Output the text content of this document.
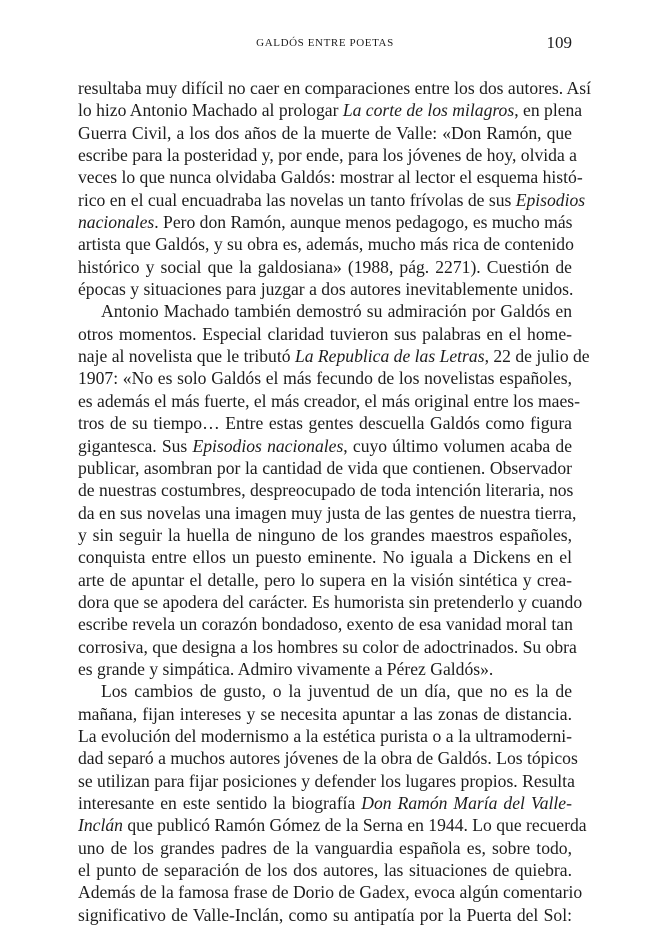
GALDÓS ENTRE POETAS	109
resultaba muy difícil no caer en comparaciones entre los dos autores. Así
lo hizo Antonio Machado al prologar La corte de los milagros, en plena
Guerra Civil, a los dos años de la muerte de Valle: «Don Ramón, que
escribe para la posteridad y, por ende, para los jóvenes de hoy, olvida a
veces lo que nunca olvidaba Galdós: mostrar al lector el esquema histó-
rico en el cual encuadraba las novelas un tanto frívolas de sus Episodios
nacionales. Pero don Ramón, aunque menos pedagogo, es mucho más
artista que Galdós, y su obra es, además, mucho más rica de contenido
histórico y social que la galdosiana» (1988, pág. 2271). Cuestión de
épocas y situaciones para juzgar a dos autores inevitablemente unidos.
Antonio Machado también demostró su admiración por Galdós en
otros momentos. Especial claridad tuvieron sus palabras en el home-
naje al novelista que le tributó La Republica de las Letras, 22 de julio de
1907: «No es solo Galdós el más fecundo de los novelistas españoles,
es además el más fuerte, el más creador, el más original entre los maes-
tros de su tiempo… Entre estas gentes descuella Galdós como figura
gigantesca. Sus Episodios nacionales, cuyo último volumen acaba de
publicar, asombran por la cantidad de vida que contienen. Observador
de nuestras costumbres, despreocupado de toda intención literaria, nos
da en sus novelas una imagen muy justa de las gentes de nuestra tierra,
y sin seguir la huella de ninguno de los grandes maestros españoles,
conquista entre ellos un puesto eminente. No iguala a Dickens en el
arte de apuntar el detalle, pero lo supera en la visión sintética y crea-
dora que se apodera del carácter. Es humorista sin pretenderlo y cuando
escribe revela un corazón bondadoso, exento de esa vanidad moral tan
corrosiva, que designa a los hombres su color de adoctrinados. Su obra
es grande y simpática. Admiro vivamente a Pérez Galdós».
Los cambios de gusto, o la juventud de un día, que no es la de
mañana, fijan intereses y se necesita apuntar a las zonas de distancia.
La evolución del modernismo a la estética purista o a la ultramoderni-
dad separó a muchos autores jóvenes de la obra de Galdós. Los tópicos
se utilizan para fijar posiciones y defender los lugares propios. Resulta
interesante en este sentido la biografía Don Ramón María del Valle-
Inclán que publicó Ramón Gómez de la Serna en 1944. Lo que recuerda
uno de los grandes padres de la vanguardia española es, sobre todo,
el punto de separación de los dos autores, las situaciones de quiebra.
Además de la famosa frase de Dorio de Gadex, evoca algún comentario
significativo de Valle-Inclán, como su antipatía por la Puerta del Sol:
